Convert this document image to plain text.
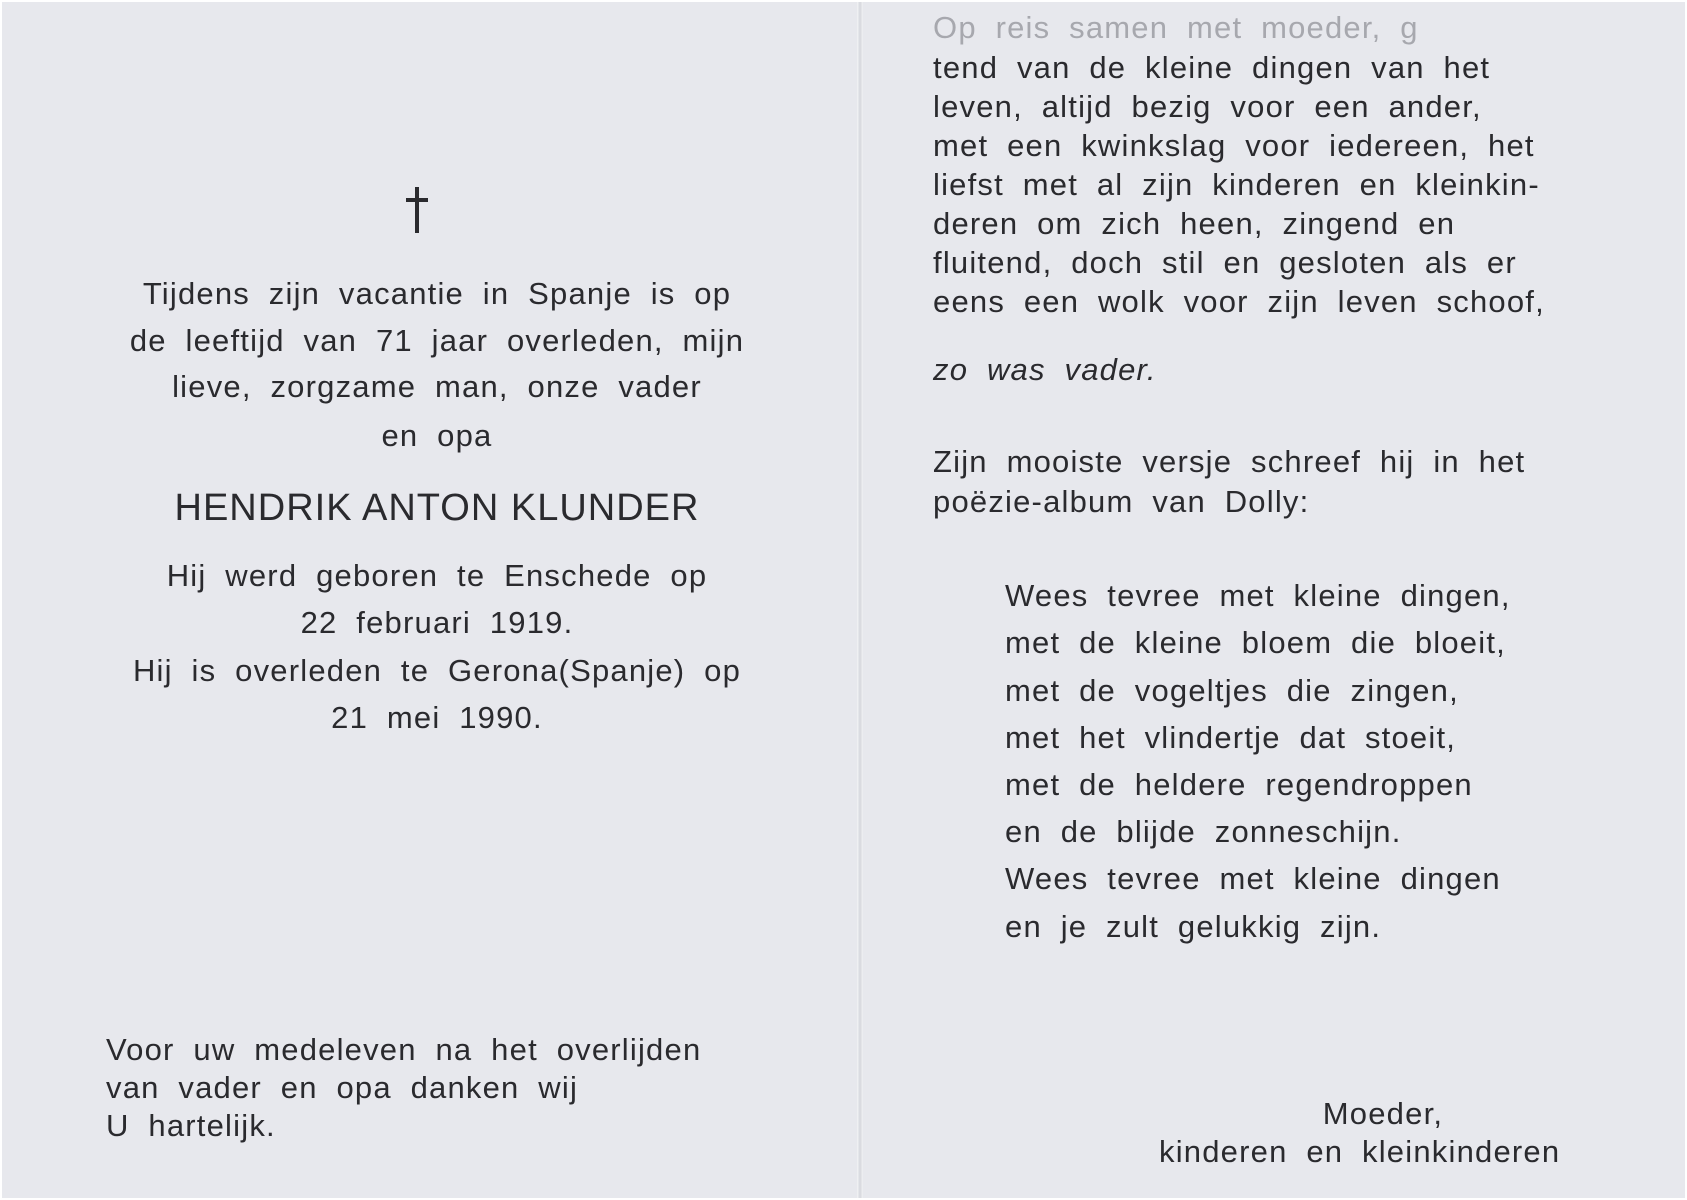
Tijdens zijn vacantie in Spanje is op
de leeftijd van 71 jaar overleden, mijn
lieve, zorgzame man, onze vader
en opa
HENDRIK ANTON KLUNDER
Hij werd geboren te Enschede op
22 februari 1919.
Hij is overleden te Gerona(Spanje) op
21 mei 1990.
Voor uw medeleven na het overlijden
van vader en opa danken wij
U hartelijk.
Op reis samen met moeder, g
tend van de kleine dingen van het
leven, altijd bezig voor een ander,
met een kwinkslag voor iedereen, het
liefst met al zijn kinderen en kleinkin-
deren om zich heen, zingend en
fluitend, doch stil en gesloten als er
eens een wolk voor zijn leven schoof,
zo was vader.
Zijn mooiste versje schreef hij in het
poëzie-album van Dolly:
Wees tevree met kleine dingen,
met de kleine bloem die bloeit,
met de vogeltjes die zingen,
met het vlindertje dat stoeit,
met de heldere regendroppen
en de blijde zonneschijn.
Wees tevree met kleine dingen
en je zult gelukkig zijn.
Moeder,
kinderen en kleinkinderen
